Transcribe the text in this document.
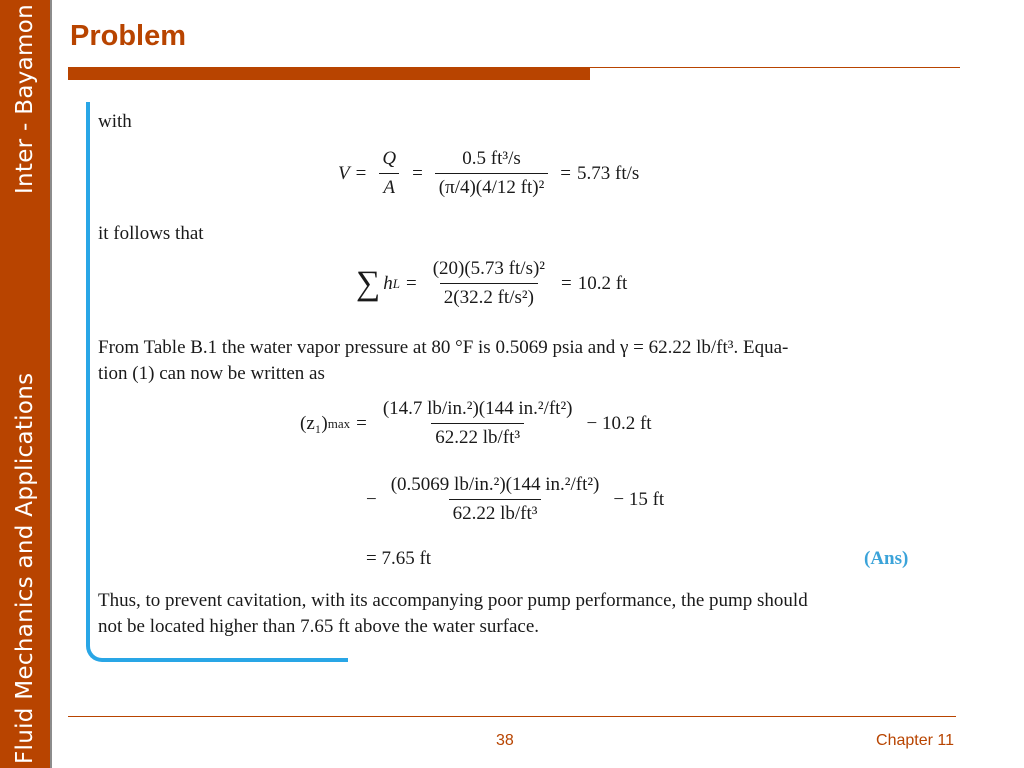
Fluid Mechanics and Applications
Inter - Bayamon Problem
with
$V = \frac{Q}{A} = \frac{\text{0.5 ft³/s}}{\text{(π/4)(4/12 ft)²}} = 5.73$ ft/s
it follows that
∑ h $L = \frac{\text{(20)(5.73 ft/s)²}}{\text{2(32.2 ft/s²)}} = 10.2$ ft
From Table B.1 the water vapor pressure at 80 °F is 0.5069 psia and γ = 62.22 lb/ft³. Equa-
tion (1) can now be written as
(z₁) $\max = \frac{\text{(14.7 lb/in.²)(144 in.²/ft²)}}{\text{62.22 lb/ft³}} - 10.2$ ft
− $\frac{\text{(0.5069 lb/in.²)(144 in.²/ft²)}}{\text{62.22 lb/ft³}} - 15$ ft
= 7.65 ft	(Ans)
Thus, to prevent cavitation, with its accompanying poor pump performance, the pump should
not be located higher than 7.65 ft above the water surface.
38	Chapter 11
